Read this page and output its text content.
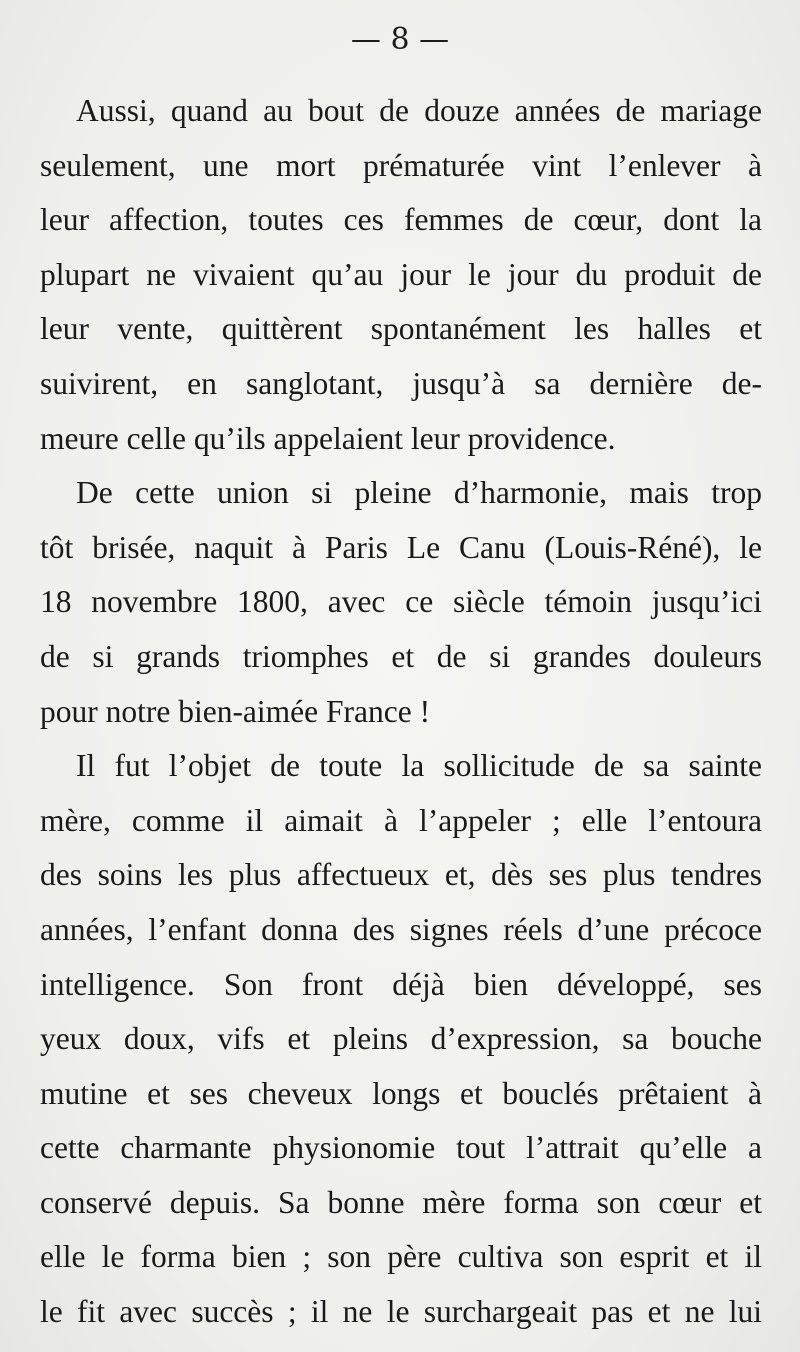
— 8 —

Aussi, quand au bout de douze années de mariage

seulement, une mort prématurée vint l’enlever à

leur affection, toutes ces femmes de cœur, dont la

plupart ne vivaient qu’au jour le jour du produit de

leur vente, quittèrent spontanément les halles et

suivirent, en sanglotant, jusqu’à sa dernière de-

meure celle qu’ils appelaient leur providence.

De cette union si pleine d’harmonie, mais trop

tôt brisée, naquit à Paris Le Canu (Louis-Réné), le

18 novembre 1800, avec ce siècle témoin jusqu’ici

de si grands triomphes et de si grandes douleurs

pour notre bien-aimée France !

Il fut l’objet de toute la sollicitude de sa sainte

mère, comme il aimait à l’appeler ; elle l’entoura

des soins les plus affectueux et, dès ses plus tendres

années, l’enfant donna des signes réels d’une précoce

intelligence. Son front déjà bien développé, ses

yeux doux, vifs et pleins d’expression, sa bouche

mutine et ses cheveux longs et bouclés prêtaient à

cette charmante physionomie tout l’attrait qu’elle a

conservé depuis. Sa bonne mère forma son cœur et

elle le forma bien ; son père cultiva son esprit et il

le fit avec succès ; il ne le surchargeait pas et ne lui
